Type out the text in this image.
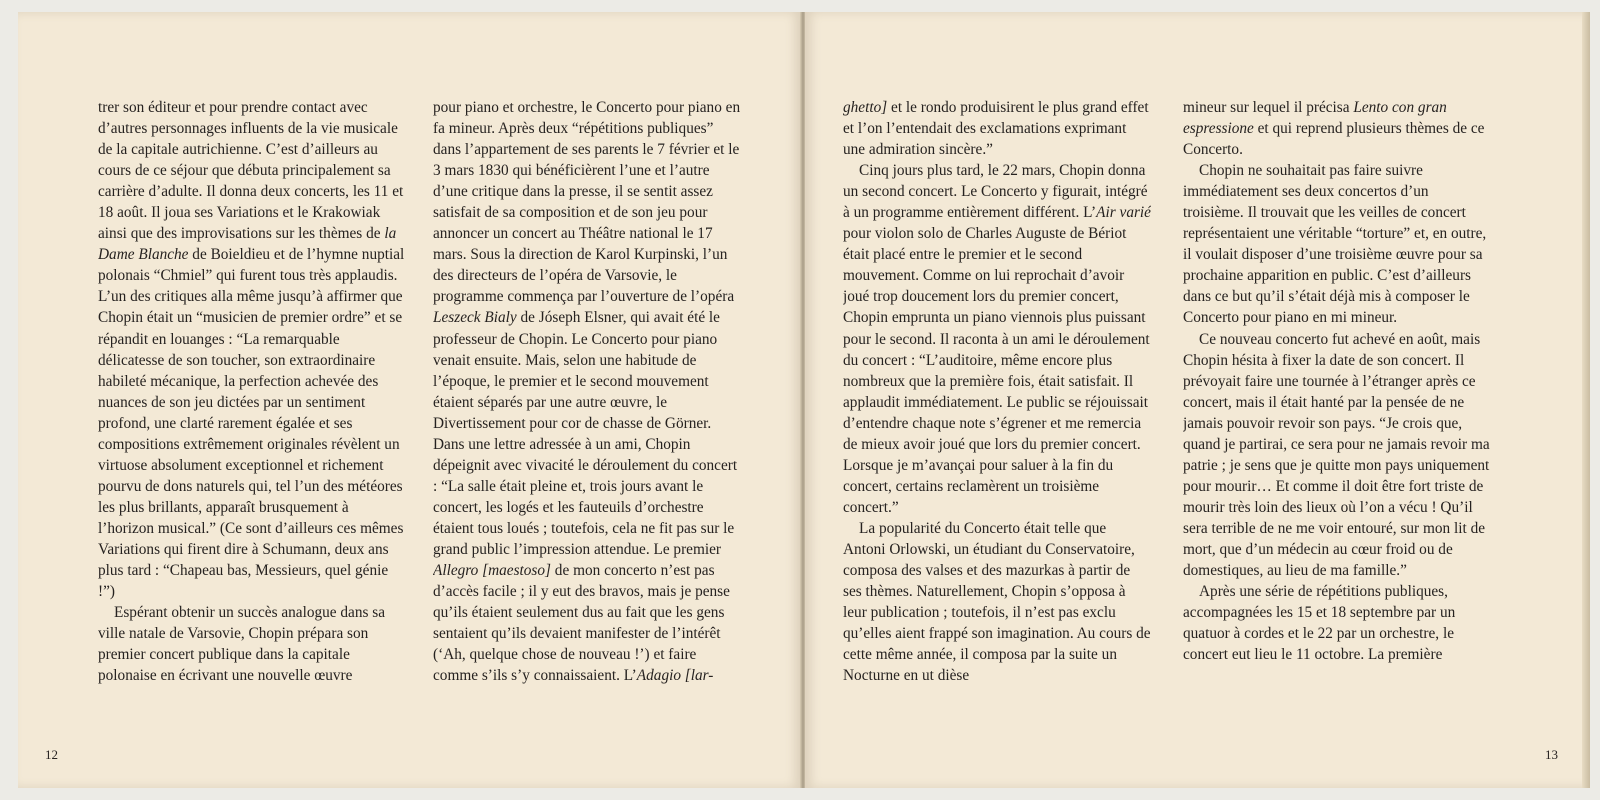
trer son éditeur et pour prendre contact avec d’autres personnages influents de la vie musicale de la capitale autrichienne. C’est d’ailleurs au cours de ce séjour que débuta principalement sa carrière d’adulte. Il donna deux concerts, les 11 et 18 août. Il joua ses Variations et le Krakowiak ainsi que des improvisations sur les thèmes de la Dame Blanche de Boieldieu et de l’hymne nuptial polonais “Chmiel” qui furent tous très applaudis. L’un des critiques alla même jusqu’à affirmer que Chopin était un “musicien de premier ordre” et se répandit en louanges : “La remarquable délicatesse de son toucher, son extraordinaire habileté mécanique, la perfection achevée des nuances de son jeu dictées par un sentiment profond, une clarté rarement égalée et ses compositions extrêmement originales révèlent un virtuose absolument exceptionnel et richement pourvu de dons naturels qui, tel l’un des météores les plus brillants, apparaît brusquement à l’horizon musical.” (Ce sont d’ailleurs ces mêmes Variations qui firent dire à Schumann, deux ans plus tard : “Chapeau bas, Messieurs, quel génie !”)

Espérant obtenir un succès analogue dans sa ville natale de Varsovie, Chopin prépara son premier concert publique dans la capitale polonaise en écrivant une nouvelle œuvre

pour piano et orchestre, le Concerto pour piano en fa mineur. Après deux “répétitions publiques” dans l’appartement de ses parents le 7 février et le 3 mars 1830 qui bénéficièrent l’une et l’autre d’une critique dans la presse, il se sentit assez satisfait de sa composition et de son jeu pour annoncer un concert au Théâtre national le 17 mars. Sous la direction de Karol Kurpinski, l’un des directeurs de l’opéra de Varsovie, le programme commença par l’ouverture de l’opéra Leszeck Bialy de Jóseph Elsner, qui avait été le professeur de Chopin. Le Concerto pour piano venait ensuite. Mais, selon une habitude de l’époque, le premier et le second mouvement étaient séparés par une autre œuvre, le Divertissement pour cor de chasse de Görner. Dans une lettre adressée à un ami, Chopin dépeignit avec vivacité le déroulement du concert : “La salle était pleine et, trois jours avant le concert, les logés et les fauteuils d’orchestre étaient tous loués ; toutefois, cela ne fit pas sur le grand public l’impression attendue. Le premier Allegro [maestoso] de mon concerto n’est pas d’accès facile ; il y eut des bravos, mais je pense qu’ils étaient seulement dus au fait que les gens sentaient qu’ils devaient manifester de l’intérêt (‘Ah, quelque chose de nouveau !’) et faire comme s’ils s’y connaissaient. L’Adagio [lar-

12

ghetto] et le rondo produisirent le plus grand effet et l’on l’entendait des exclamations exprimant une admiration sincère.”

Cinq jours plus tard, le 22 mars, Chopin donna un second concert. Le Concerto y figurait, intégré à un programme entièrement différent. L’Air varié pour violon solo de Charles Auguste de Bériot était placé entre le premier et le second mouvement. Comme on lui reprochait d’avoir joué trop doucement lors du premier concert, Chopin emprunta un piano viennois plus puissant pour le second. Il raconta à un ami le déroulement du concert : “L’auditoire, même encore plus nombreux que la première fois, était satisfait. Il applaudit immédiatement. Le public se réjouissait d’entendre chaque note s’égrener et me remercia de mieux avoir joué que lors du premier concert. Lorsque je m’avançai pour saluer à la fin du concert, certains reclamèrent un troisième concert.”

La popularité du Concerto était telle que Antoni Orlowski, un étudiant du Conservatoire, composa des valses et des mazurkas à partir de ses thèmes. Naturellement, Chopin s’opposa à leur publication ; toutefois, il n’est pas exclu qu’elles aient frappé son imagination. Au cours de cette même année, il composa par la suite un Nocturne en ut dièse

mineur sur lequel il précisa Lento con gran espressione et qui reprend plusieurs thèmes de ce Concerto.

Chopin ne souhaitait pas faire suivre immédiatement ses deux concertos d’un troisième. Il trouvait que les veilles de concert représentaient une véritable “torture” et, en outre, il voulait disposer d’une troisième œuvre pour sa prochaine apparition en public. C’est d’ailleurs dans ce but qu’il s’était déjà mis à composer le Concerto pour piano en mi mineur.

Ce nouveau concerto fut achevé en août, mais Chopin hésita à fixer la date de son concert. Il prévoyait faire une tournée à l’étranger après ce concert, mais il était hanté par la pensée de ne jamais pouvoir revoir son pays. “Je crois que, quand je partirai, ce sera pour ne jamais revoir ma patrie ; je sens que je quitte mon pays uniquement pour mourir… Et comme il doit être fort triste de mourir très loin des lieux où l’on a vécu ! Qu’il sera terrible de ne me voir entouré, sur mon lit de mort, que d’un médecin au cœur froid ou de domestiques, au lieu de ma famille.”

Après une série de répétitions publiques, accompagnées les 15 et 18 septembre par un quatuor à cordes et le 22 par un orchestre, le concert eut lieu le 11 octobre. La première

13
